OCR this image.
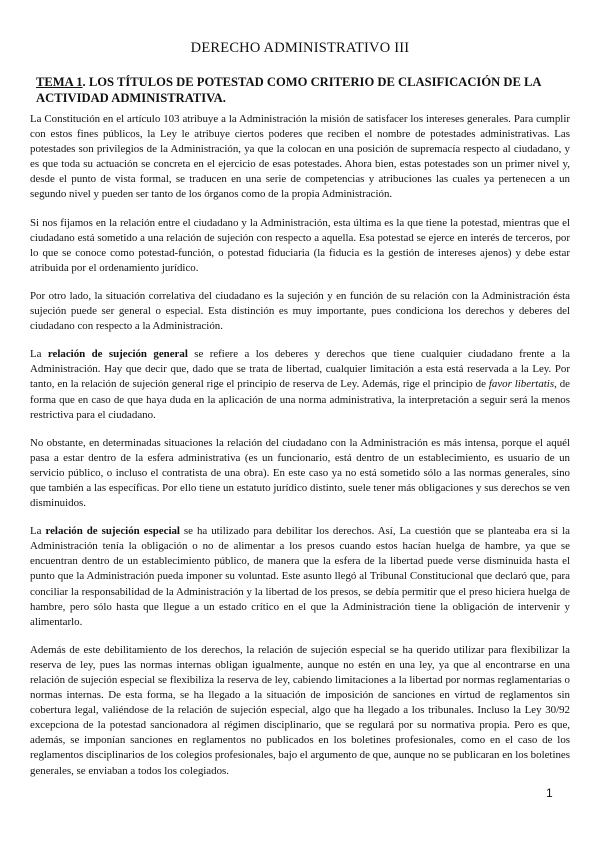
DERECHO ADMINISTRATIVO III
TEMA 1. LOS TÍTULOS DE POTESTAD COMO CRITERIO DE CLASIFICACIÓN DE LA ACTIVIDAD ADMINISTRATIVA.

La Constitución en el artículo 103 atribuye a la Administración la misión de satisfacer los intereses generales. Para cumplir con estos fines públicos, la Ley le atribuye ciertos poderes que reciben el nombre de potestades administrativas. Las potestades son privilegios de la Administración, ya que la colocan en una posición de supremacía respecto al ciudadano, y es que toda su actuación se concreta en el ejercicio de esas potestades. Ahora bien, estas potestades son un primer nivel y, desde el punto de vista formal, se traducen en una serie de competencias y atribuciones las cuales ya pertenecen a un segundo nivel y pueden ser tanto de los órganos como de la propia Administración.

Si nos fijamos en la relación entre el ciudadano y la Administración, esta última es la que tiene la potestad, mientras que el ciudadano está sometido a una relación de sujeción con respecto a aquella. Esa potestad se ejerce en interés de terceros, por lo que se conoce como potestad-función, o potestad fiduciaria (la fiducia es la gestión de intereses ajenos) y debe estar atribuida por el ordenamiento jurídico.

Por otro lado, la situación correlativa del ciudadano es la sujeción y en función de su relación con la Administración ésta sujeción puede ser general o especial. Esta distinción es muy importante, pues condiciona los derechos y deberes del ciudadano con respecto a la Administración.

La relación de sujeción general se refiere a los deberes y derechos que tiene cualquier ciudadano frente a la Administración. Hay que decir que, dado que se trata de libertad, cualquier limitación a esta está reservada a la Ley. Por tanto, en la relación de sujeción general rige el principio de reserva de Ley. Además, rige el principio de favor libertatis, de forma que en caso de que haya duda en la aplicación de una norma administrativa, la interpretación a seguir será la menos restrictiva para el ciudadano.

No obstante, en determinadas situaciones la relación del ciudadano con la Administración es más intensa, porque el aquél pasa a estar dentro de la esfera administrativa (es un funcionario, está dentro de un establecimiento, es usuario de un servicio público, o incluso el contratista de una obra). En este caso ya no está sometido sólo a las normas generales, sino que también a las específicas. Por ello tiene un estatuto jurídico distinto, suele tener más obligaciones y sus derechos se ven disminuidos.

La relación de sujeción especial se ha utilizado para debilitar los derechos. Así, La cuestión que se planteaba era si la Administración tenía la obligación o no de alimentar a los presos cuando estos hacían huelga de hambre, ya que se encuentran dentro de un establecimiento público, de manera que la esfera de la libertad puede verse disminuida hasta el punto que la Administración pueda imponer su voluntad. Este asunto llegó al Tribunal Constitucional que declaró que, para conciliar la responsabilidad de la Administración y la libertad de los presos, se debía permitir que el preso hiciera huelga de hambre, pero sólo hasta que llegue a un estado crítico en el que la Administración tiene la obligación de intervenir y alimentarlo.

Además de este debilitamiento de los derechos, la relación de sujeción especial se ha querido utilizar para flexibilizar la reserva de ley, pues las normas internas obligan igualmente, aunque no estén en una ley, ya que al encontrarse en una relación de sujeción especial se flexibiliza la reserva de ley, cabiendo limitaciones a la libertad por normas reglamentarias o normas internas. De esta forma, se ha llegado a la situación de imposición de sanciones en virtud de reglamentos sin cobertura legal, valiéndose de la relación de sujeción especial, algo que ha llegado a los tribunales. Incluso la Ley 30/92 excepciona de la potestad sancionadora al régimen disciplinario, que se regulará por su normativa propia. Pero es que, además, se imponían sanciones en reglamentos no publicados en los boletines profesionales, como en el caso de los reglamentos disciplinarios de los colegios profesionales, bajo el argumento de que, aunque no se publicaran en los boletines generales, se enviaban a todos los colegiados.

1
